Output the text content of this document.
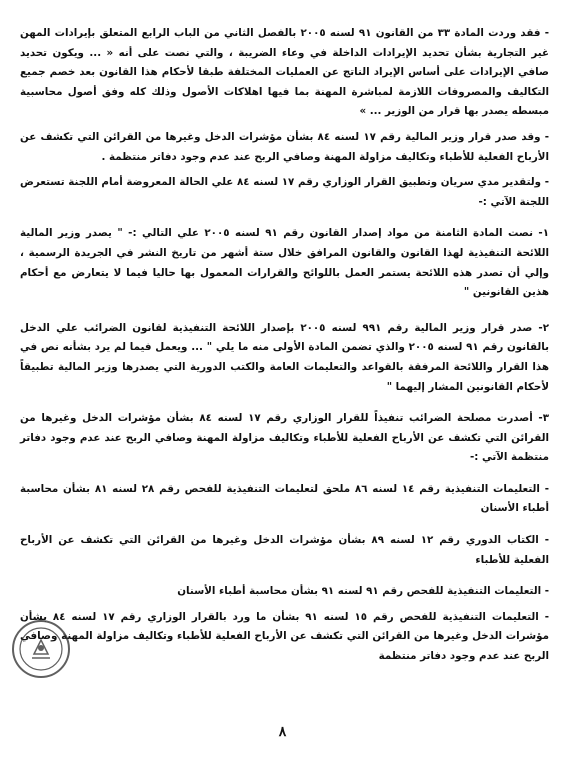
- فقد وردت المادة ٣٣ من القانون ٩١ لسنه ٢٠٠٥ بالفصل الثاني من الباب الرابع المتعلق بإيرادات المهن غير التجارية بشأن تحديد الإيرادات الداخلة في وعاء الضريبة ، والتي نصت على أنه « ... ويكون تحديد صافي الإيرادات على أساس الإيراد الناتج عن العمليات المختلفة طبقا لأحكام هذا القانون بعد خصم جميع التكاليف والمصروفات اللازمة لمباشرة المهنة بما فيها اهلاكات الأصول وذلك كله وفق أصول محاسبية مبسطه يصدر بها قرار من الوزير ... »

- وقد صدر قرار وزير المالية رقم ١٧ لسنه ٨٤ بشأن مؤشرات الدخل وغيرها من القرائن التي تكشف عن الأرباح الفعلية للأطباء وتكاليف مزاولة المهنة وصافي الربح عند عدم وجود دفاتر منتظمة .

- ولتقدير مدي سريان وتطبيق القرار الوزاري رقم ١٧ لسنه ٨٤ علي الحالة المعروضة أمام اللجنة تستعرض اللجنة الآتي :-

١- نصت المادة الثامنة من مواد إصدار القانون رقم ٩١ لسنه ٢٠٠٥ علي التالي :- " يصدر وزير المالية اللائحة التنفيذية لهذا القانون والقانون المرافق خلال ستة أشهر من تاريخ النشر في الجريدة الرسمية ، وإلي أن تصدر هذه اللائحة يستمر العمل باللوائح والقرارات المعمول بها حاليا فيما لا يتعارض مع أحكام هذين القانونين "

٢- صدر قرار وزير المالية رقم ٩٩١ لسنه ٢٠٠٥ بإصدار اللائحة التنفيذية لقانون الضرائب علي الدخل بالقانون رقم ٩١ لسنه ٢٠٠٥ والذي تضمن المادة الأولى منه ما يلي " ... ويعمل فيما لم يرد بشأنه نص في هذا القرار واللائحة المرفقة بالقواعد والتعليمات العامة والكتب الدورية التي يصدرها وزير المالية تطبيقاً لأحكام القانونين المشار إليهما "

٣- أصدرت مصلحة الضرائب تنفيذاً للقرار الوزاري رقم ١٧ لسنه ٨٤ بشأن مؤشرات الدخل وغيرها من القرائن التي تكشف عن الأرباح الفعلية للأطباء وتكاليف مزاولة المهنة وصافي الربح عند عدم وجود دفاتر منتظمة الآتي :-

- التعليمات التنفيذية رقم ١٤ لسنه ٨٦ ملحق لتعليمات التنفيذية للفحص رقم ٢٨ لسنه ٨١ بشأن محاسبة أطباء الأسنان

- الكتاب الدوري رقم ١٢ لسنه ٨٩ بشأن مؤشرات الدخل وغيرها من القرائن التي تكشف عن الأرباح الفعلية للأطباء

- التعليمات التنفيذية للفحص رقم ٩١ لسنه ٩١ بشأن محاسبة أطباء الأسنان

- التعليمات التنفيذية للفحص رقم ١٥ لسنه ٩١ بشأن ما ورد بالقرار الوزاري رقم ١٧ لسنه ٨٤ بشأن مؤشرات الدخل وغيرها من القرائن التي تكشف عن الأرباح الفعلية للأطباء وتكاليف مزاولة المهنة وصافي الربح عند عدم وجود دفاتر منتظمة

٨
